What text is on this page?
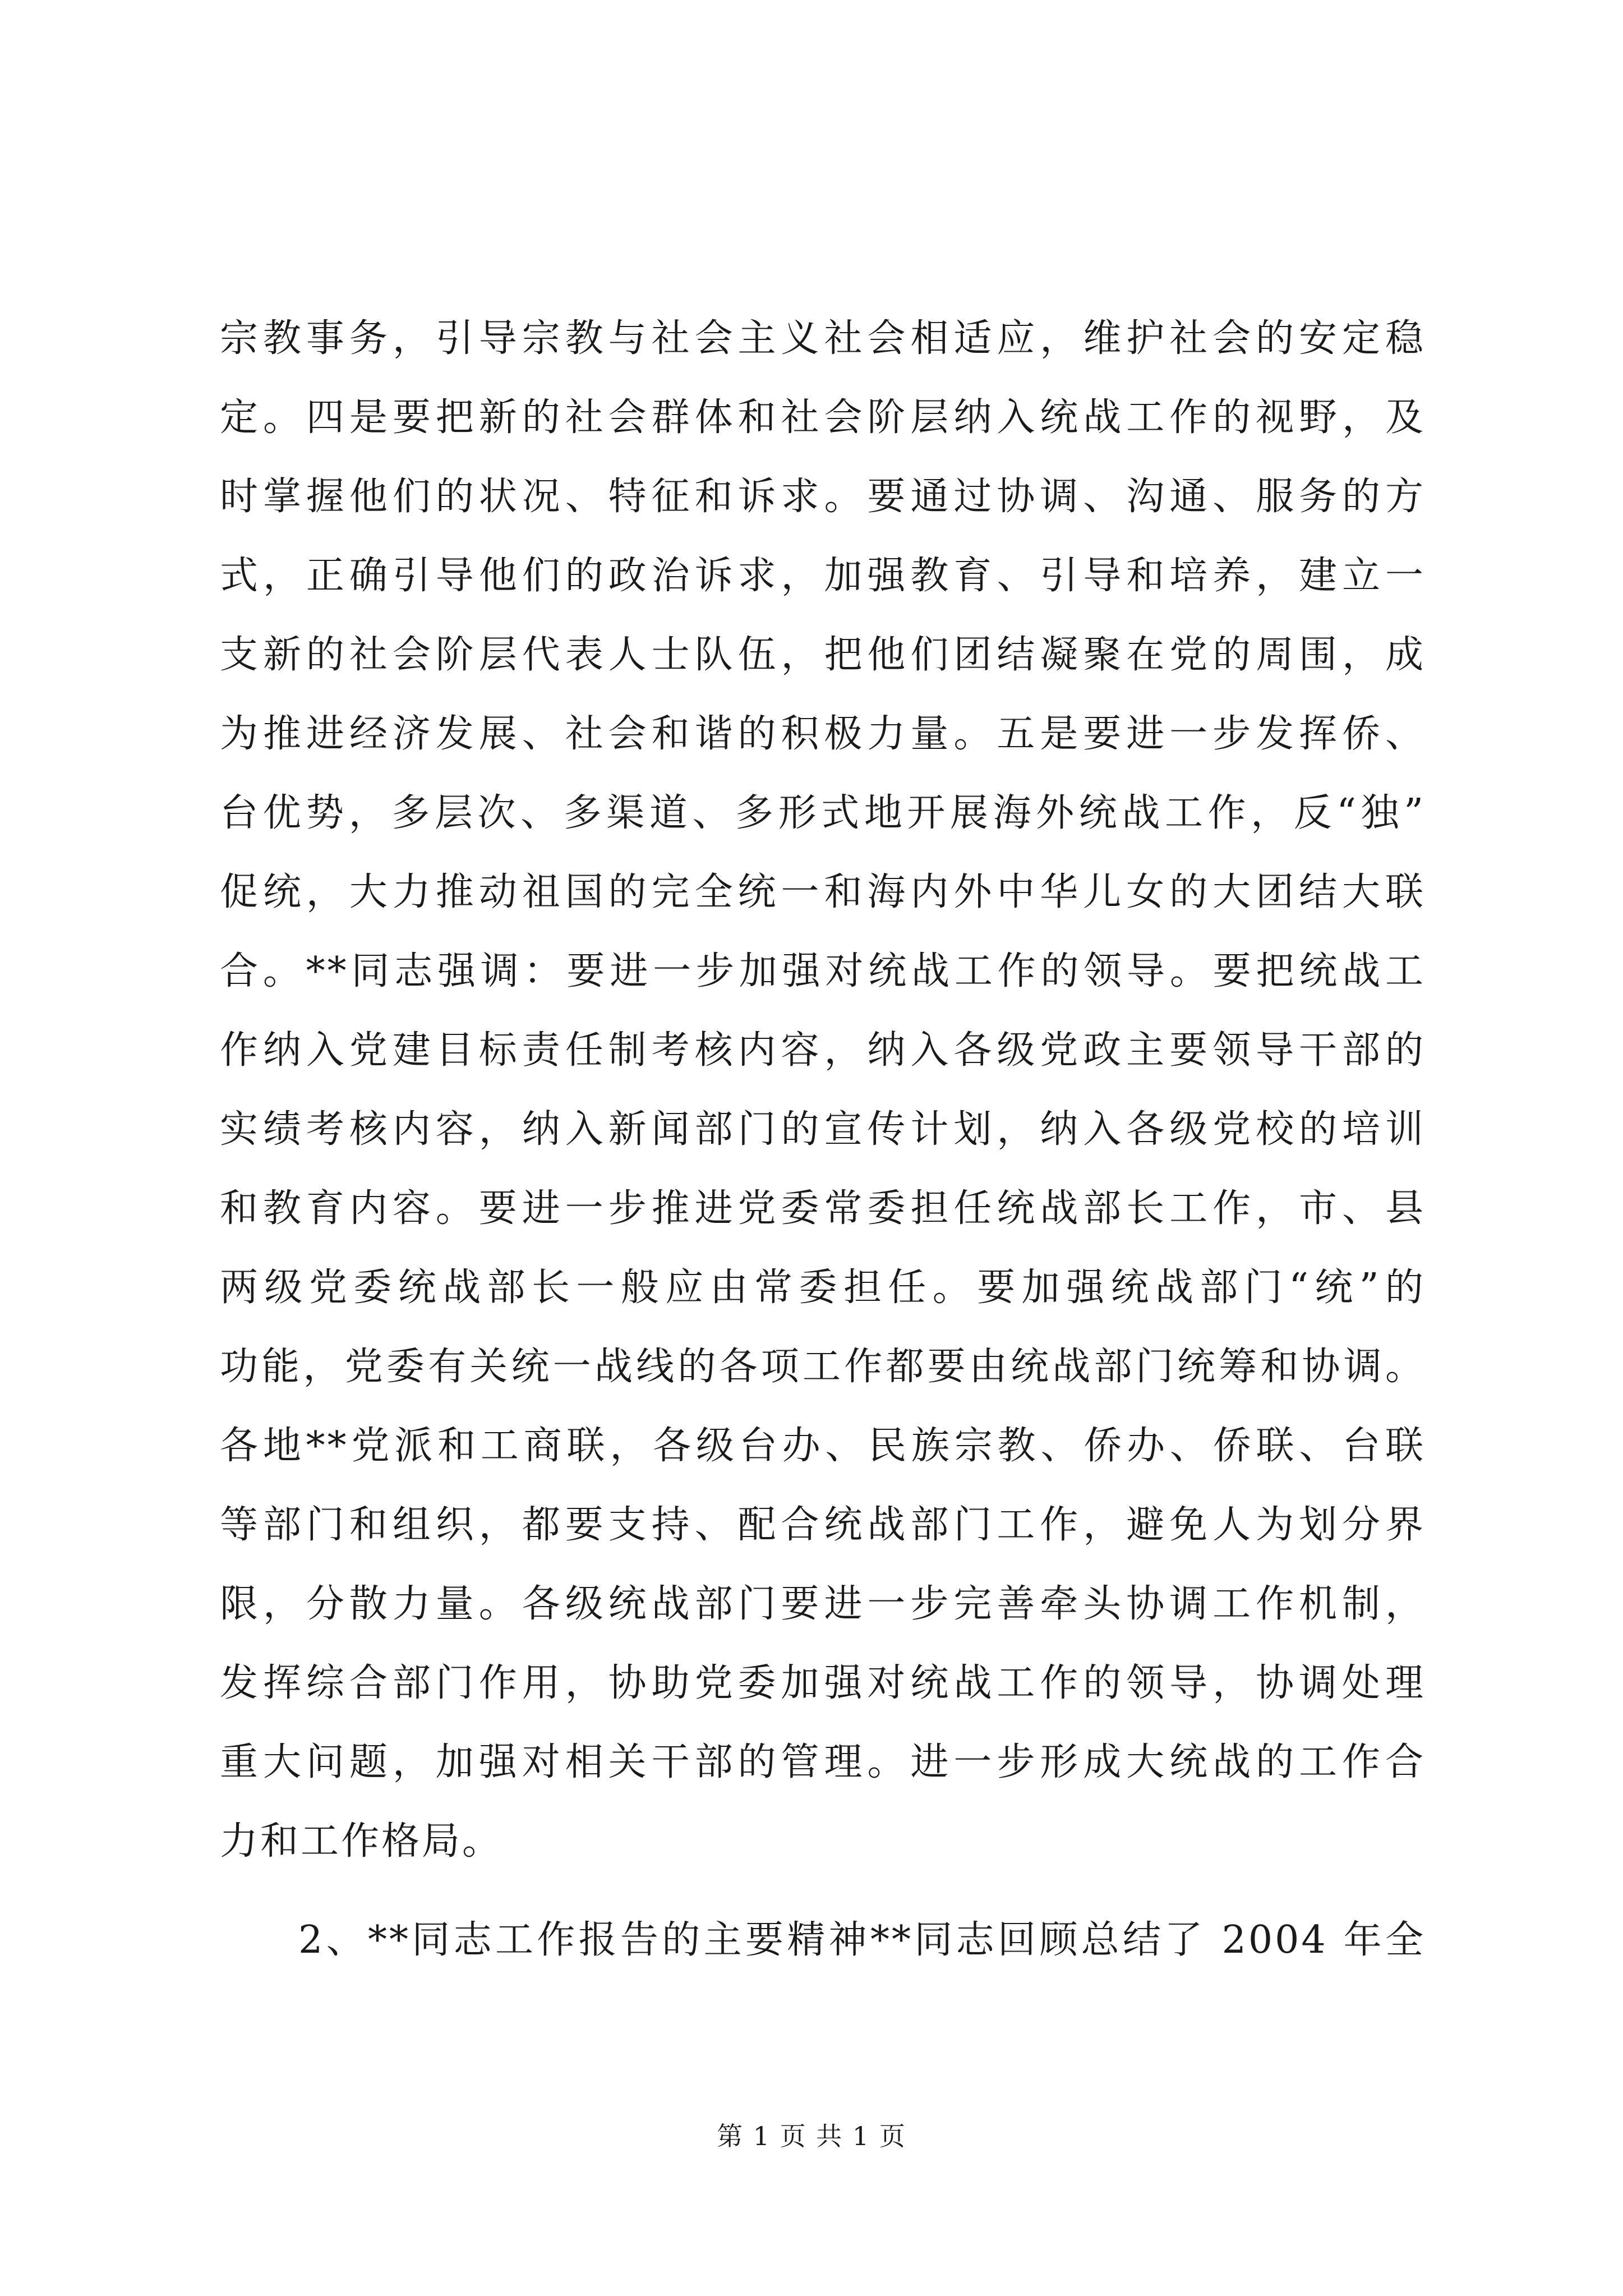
宗教事务，引导宗教与社会主义社会相适应，维护社会的安定稳
定。四是要把新的社会群体和社会阶层纳入统战工作的视野，及
时掌握他们的状况、特征和诉求。要通过协调、沟通、服务的方
式，正确引导他们的政治诉求，加强教育、引导和培养，建立一
支新的社会阶层代表人士队伍，把他们团结凝聚在党的周围，成
为推进经济发展、社会和谐的积极力量。五是要进一步发挥侨、
台优势，多层次、多渠道、多形式地开展海外统战工作，反“独”
促统，大力推动祖国的完全统一和海内外中华儿女的大团结大联
合。**同志强调：要进一步加强对统战工作的领导。要把统战工
作纳入党建目标责任制考核内容，纳入各级党政主要领导干部的
实绩考核内容，纳入新闻部门的宣传计划，纳入各级党校的培训
和教育内容。要进一步推进党委常委担任统战部长工作，市、县
两级党委统战部长一般应由常委担任。要加强统战部门“统”的
功能，党委有关统一战线的各项工作都要由统战部门统筹和协调。
各地**党派和工商联，各级台办、民族宗教、侨办、侨联、台联
等部门和组织，都要支持、配合统战部门工作，避免人为划分界
限，分散力量。各级统战部门要进一步完善牵头协调工作机制，
发挥综合部门作用，协助党委加强对统战工作的领导，协调处理
重大问题，加强对相关干部的管理。进一步形成大统战的工作合
力和工作格局。
2、**同志工作报告的主要精神**同志回顾总结了 2004 年全
第 1 页 共 1 页
